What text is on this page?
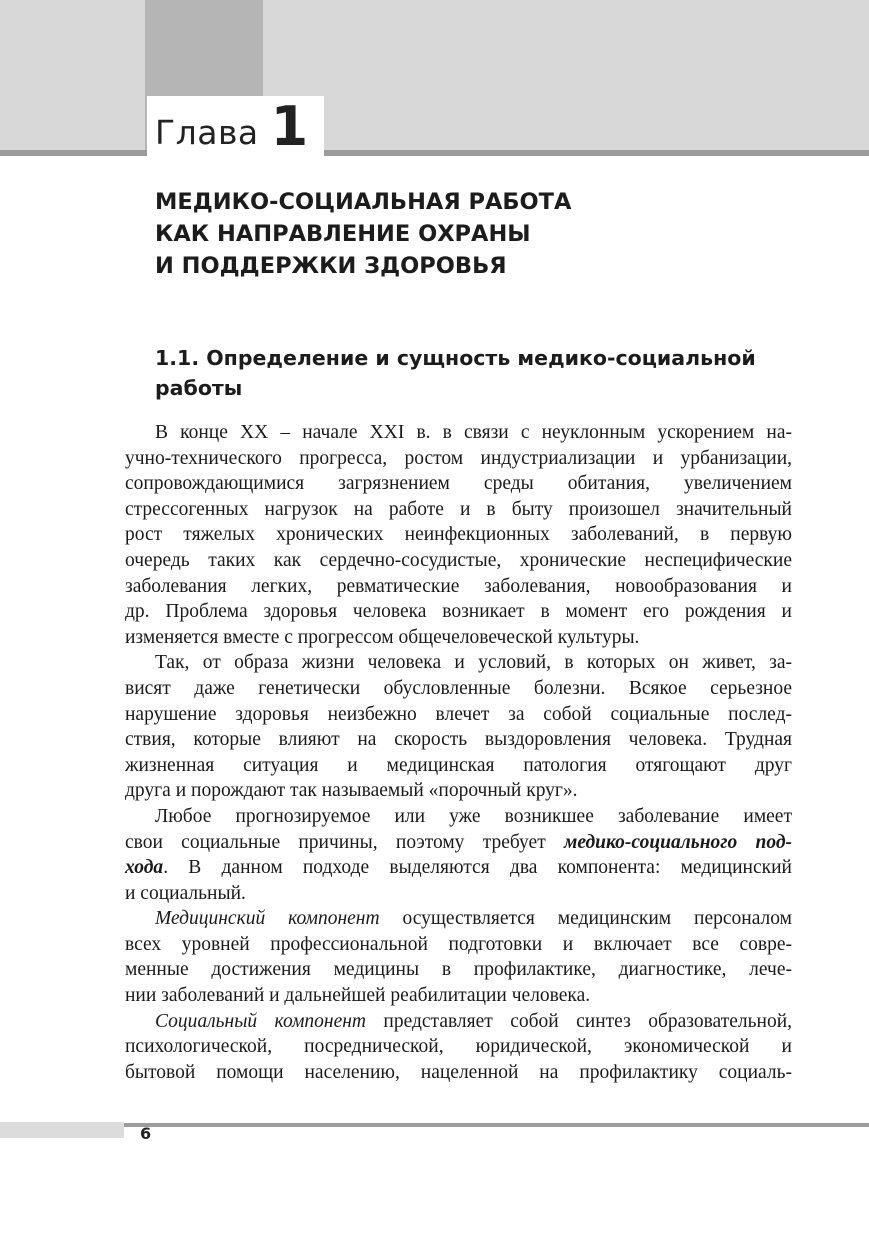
Глава 1
МЕДИКО-СОЦИАЛЬНАЯ РАБОТА
КАК НАПРАВЛЕНИЕ ОХРАНЫ
И ПОДДЕРЖКИ ЗДОРОВЬЯ
1.1. Определение и сущность медико-социальной
работы
В конце XX – начале XXI в. в связи с неуклонным ускорением на-
учно-технического прогресса, ростом индустриализации и урбанизации,
сопровождающимися загрязнением среды обитания, увеличением
стрессогенных нагрузок на работе и в быту произошел значительный
рост тяжелых хронических неинфекционных заболеваний, в первую
очередь таких как сердечно-сосудистые, хронические неспецифические
заболевания легких, ревматические заболевания, новообразования и
др. Проблема здоровья человека возникает в момент его рождения и
изменяется вместе с прогрессом общечеловеческой культуры.
Так, от образа жизни человека и условий, в которых он живет, за-
висят даже генетически обусловленные болезни. Всякое серьезное
нарушение здоровья неизбежно влечет за собой социальные послед-
ствия, которые влияют на скорость выздоровления человека. Трудная
жизненная ситуация и медицинская патология отягощают друг
друга и порождают так называемый «порочный круг».
Любое прогнозируемое или уже возникшее заболевание имеет
свои социальные причины, поэтому требует медико-социального под-
хода. В данном подходе выделяются два компонента: медицинский
и социальный.
Медицинский компонент осуществляется медицинским персоналом
всех уровней профессиональной подготовки и включает все совре-
менные достижения медицины в профилактике, диагностике, лече-
нии заболеваний и дальнейшей реабилитации человека.
Социальный компонент представляет собой синтез образовательной,
психологической, посреднической, юридической, экономической и
бытовой помощи населению, нацеленной на профилактику социаль-
6
